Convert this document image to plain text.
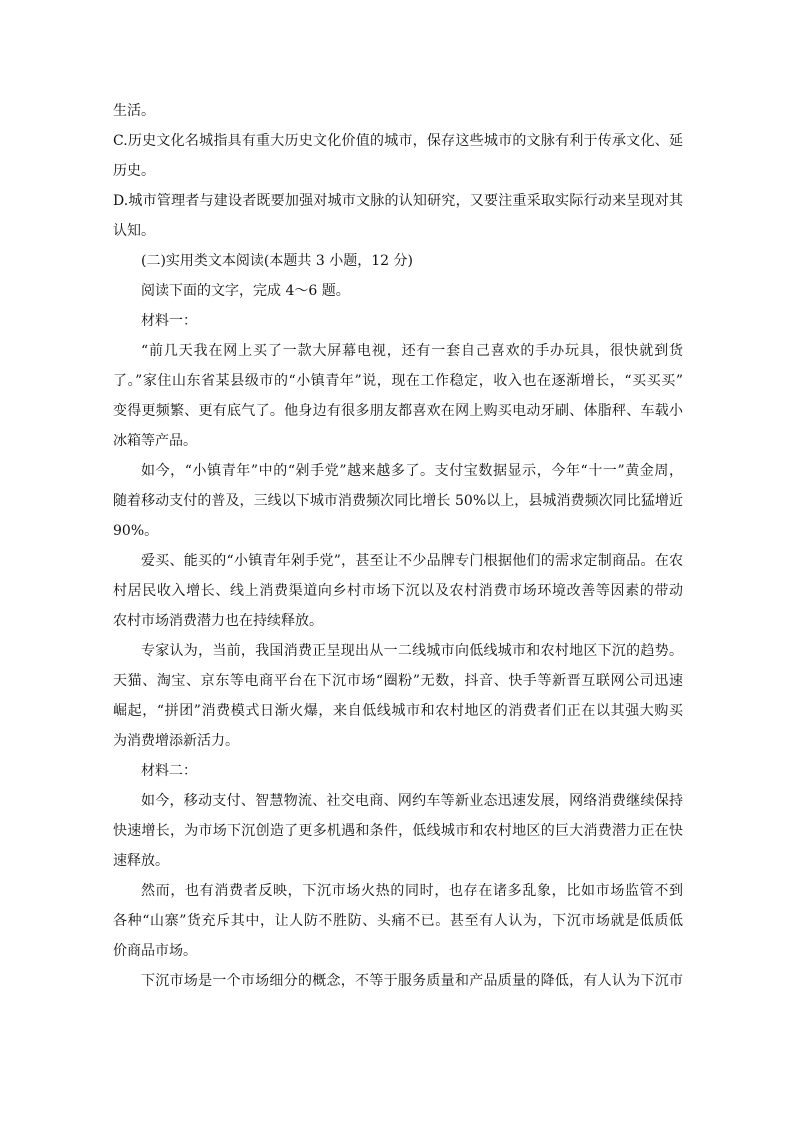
生活。

C.历史文化名城指具有重大历史文化价值的城市，保存这些城市的文脉有利于传承文化、延

历史。

D.城市管理者与建设者既要加强对城市文脉的认知研究，又要注重采取实际行动来呈现对其

认知。

(二)实用类文本阅读(本题共 3 小题，12 分)

阅读下面的文字，完成 4～6 题。

材料一：

“前几天我在网上买了一款大屏幕电视，还有一套自己喜欢的手办玩具，很快就到货

了。”家住山东省某县级市的“小镇青年”说，现在工作稳定，收入也在逐渐增长，“买买买”

变得更频繁、更有底气了。他身边有很多朋友都喜欢在网上购买电动牙刷、体脂秤、车载小

冰箱等产品。

如今，“小镇青年”中的“剁手党”越来越多了。支付宝数据显示，今年“十一”黄金周，

随着移动支付的普及，三线以下城市消费频次同比增长 50%以上，县城消费频次同比猛增近

90%。

爱买、能买的“小镇青年剁手党”，甚至让不少品牌专门根据他们的需求定制商品。在农

村居民收入增长、线上消费渠道向乡村市场下沉以及农村消费市场环境改善等因素的带动

农村市场消费潜力也在持续释放。

专家认为，当前，我国消费正呈现出从一二线城市向低线城市和农村地区下沉的趋势。

天猫、淘宝、京东等电商平台在下沉市场“圈粉”无数，抖音、快手等新晋互联网公司迅速

崛起，“拼团”消费模式日渐火爆，来自低线城市和农村地区的消费者们正在以其强大购买

为消费增添新活力。

材料二：

如今，移动支付、智慧物流、社交电商、网约车等新业态迅速发展，网络消费继续保持

快速增长，为市场下沉创造了更多机遇和条件，低线城市和农村地区的巨大消费潜力正在快

速释放。

然而，也有消费者反映，下沉市场火热的同时，也存在诸多乱象，比如市场监管不到

各种“山寨”货充斥其中，让人防不胜防、头痛不已。甚至有人认为，下沉市场就是低质低

价商品市场。

下沉市场是一个市场细分的概念，不等于服务质量和产品质量的降低，有人认为下沉市
